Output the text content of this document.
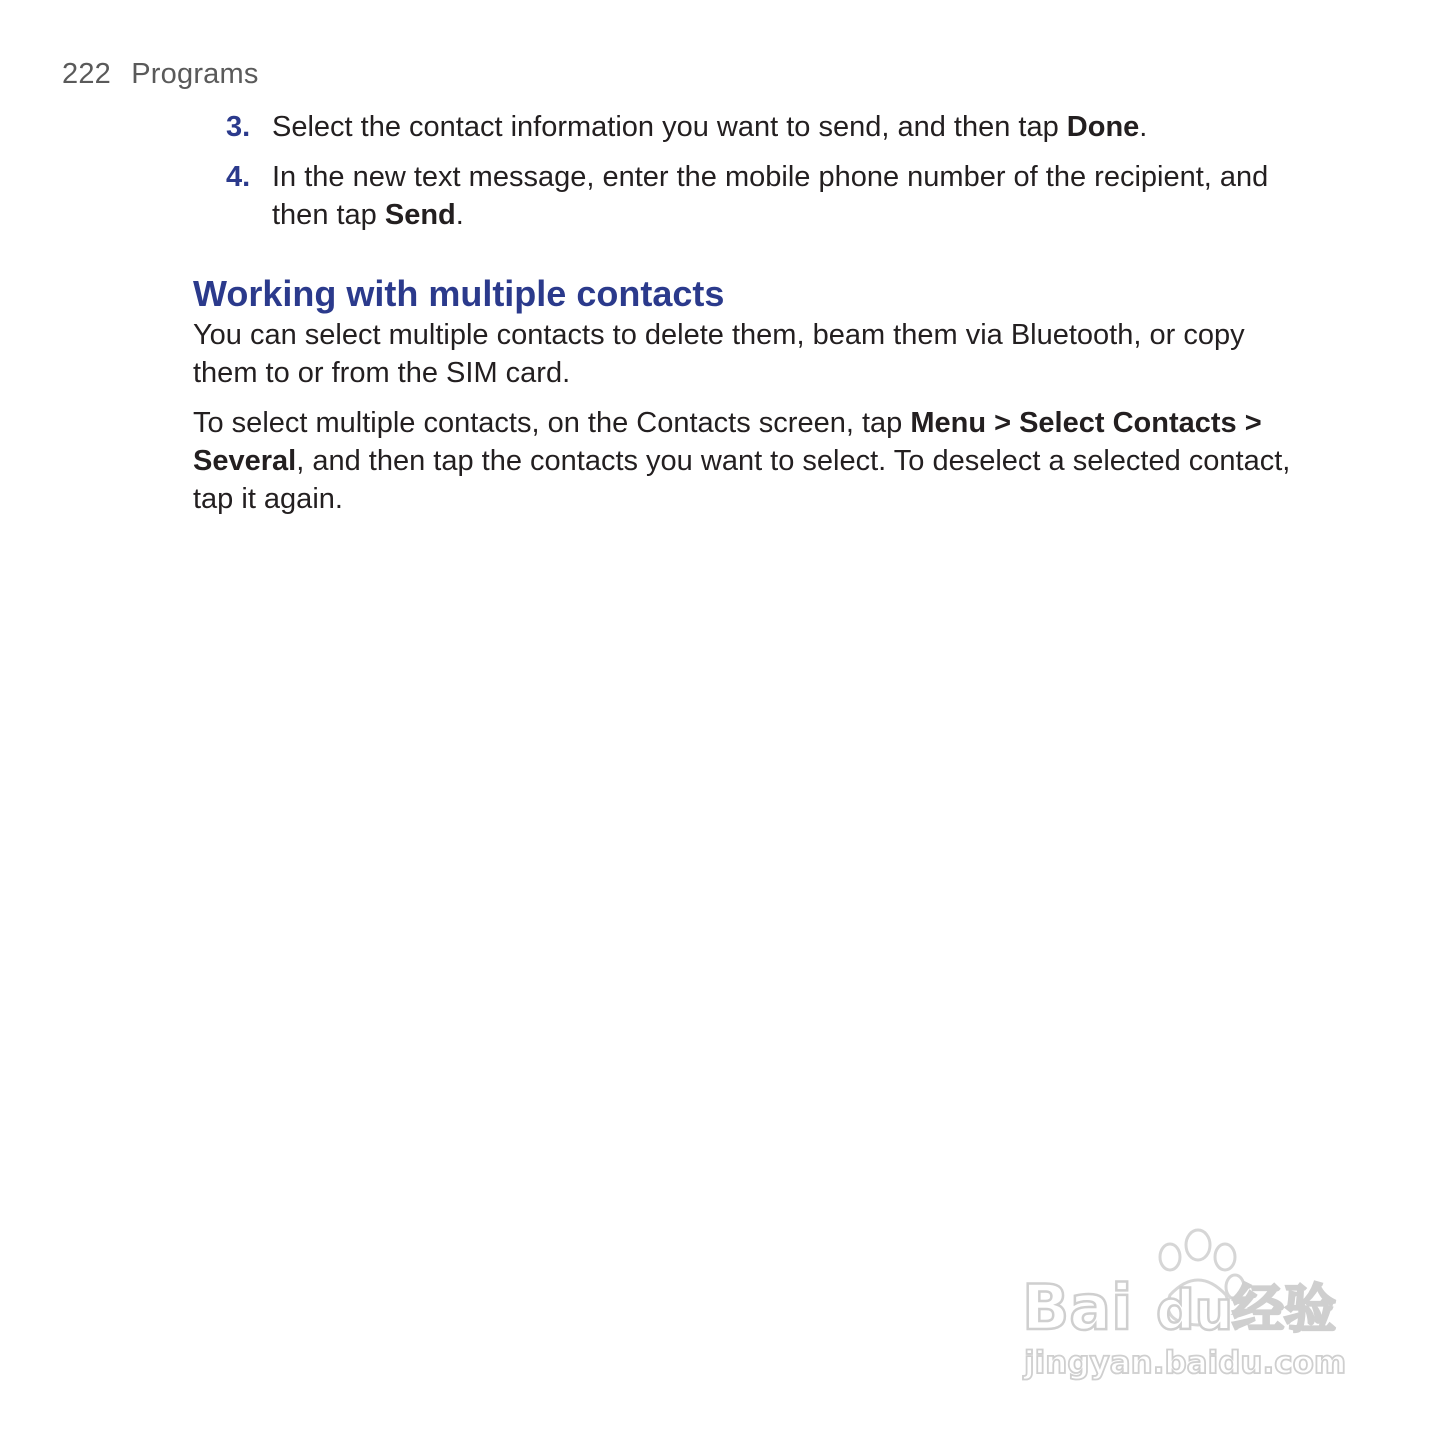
222 Programs
3. Select the contact information you want to send, and then tap Done.
4. In the new text message, enter the mobile phone number of the recipient, and then tap Send.
Working with multiple contacts

You can select multiple contacts to delete them, beam them via Bluetooth, or copy them to or from the SIM card.

To select multiple contacts, on the Contacts screen, tap Menu > Select Contacts > Several, and then tap the contacts you want to select. To deselect a selected contact, tap it again.

Bai du
经验
jingyan.baidu.com
